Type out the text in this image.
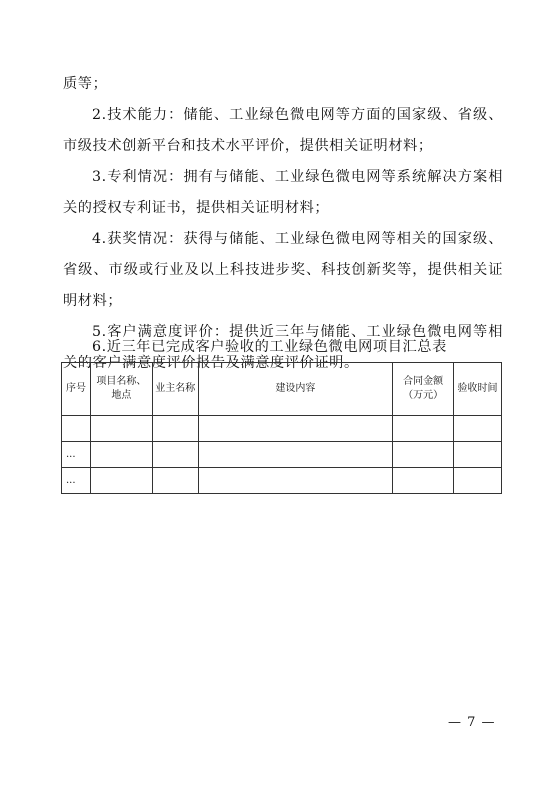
质等；

2.技术能力：储能、工业绿色微电网等方面的国家级、省级、市级技术创新平台和技术水平评价，提供相关证明材料；

3.专利情况：拥有与储能、工业绿色微电网等系统解决方案相关的授权专利证书，提供相关证明材料；

4.获奖情况：获得与储能、工业绿色微电网等相关的国家级、省级、市级或行业及以上科技进步奖、科技创新奖等，提供相关证明材料；

5.客户满意度评价：提供近三年与储能、工业绿色微电网等相关的客户满意度评价报告及满意度评价证明。

6.近三年已完成客户验收的工业绿色微电网项目汇总表
序号	项目名称、地点	业主名称	建设内容	合同金额（万元）	验收时间

...					
...					
— 7 —
